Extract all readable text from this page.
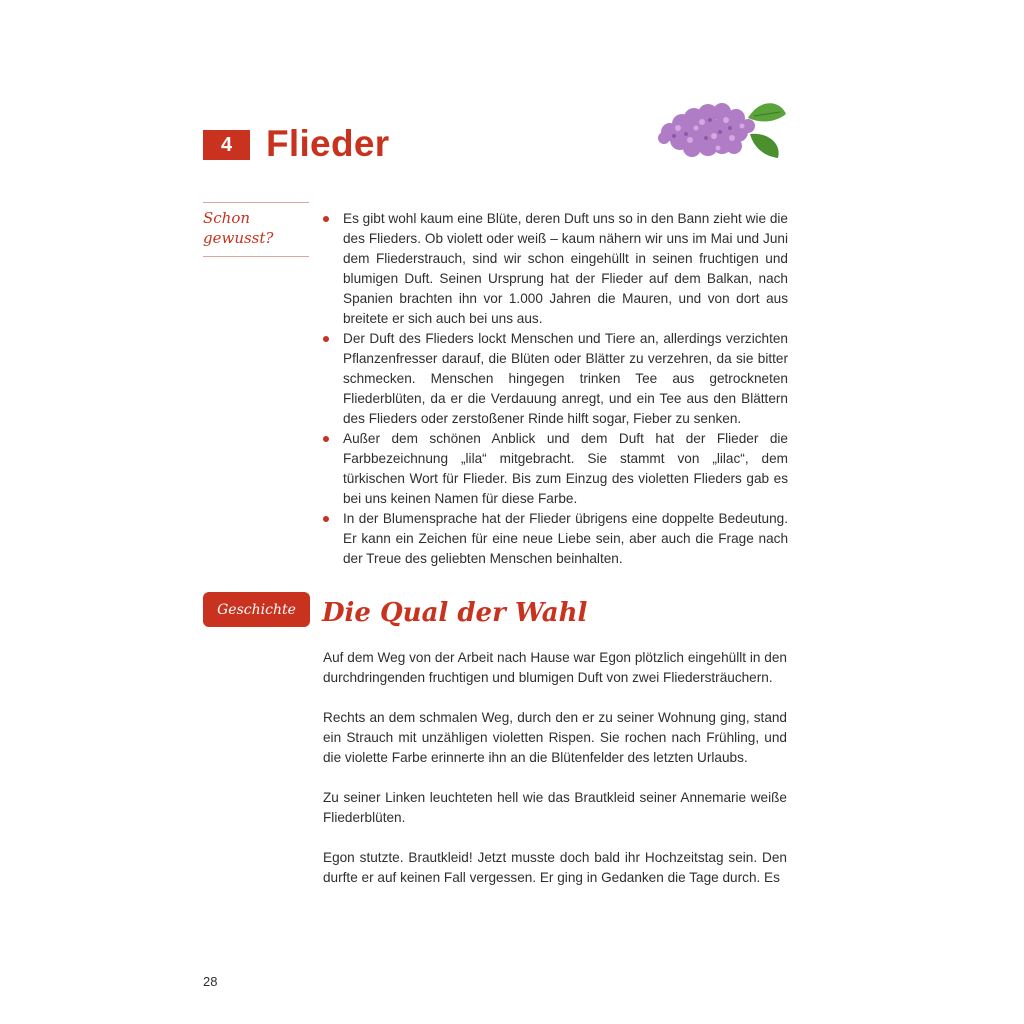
4 Flieder
Schon
gewusst?
Es gibt wohl kaum eine Blüte, deren Duft uns so in den Bann zieht wie die des Flieders. Ob violett oder weiß – kaum nähern wir uns im Mai und Juni dem Fliederstrauch, sind wir schon eingehüllt in seinen fruchtigen und blumigen Duft. Seinen Ursprung hat der Flieder auf dem Balkan, nach Spanien brachten ihn vor 1.000 Jahren die Mauren, und von dort aus breitete er sich auch bei uns aus.
Der Duft des Flieders lockt Menschen und Tiere an, allerdings verzichten Pflanzenfresser darauf, die Blüten oder Blätter zu verzehren, da sie bitter schmecken. Menschen hingegen trinken Tee aus getrockneten Fliederblüten, da er die Verdauung anregt, und ein Tee aus den Blättern des Flieders oder zerstoßener Rinde hilft sogar, Fieber zu senken.
Außer dem schönen Anblick und dem Duft hat der Flieder die Farbbezeichnung „lila“ mitgebracht. Sie stammt von „lilac“, dem türkischen Wort für Flieder. Bis zum Einzug des violetten Flieders gab es bei uns keinen Namen für diese Farbe.
In der Blumensprache hat der Flieder übrigens eine doppelte Bedeutung. Er kann ein Zeichen für eine neue Liebe sein, aber auch die Frage nach der Treue des geliebten Menschen beinhalten.
Geschichte	Die Qual der Wahl

Auf dem Weg von der Arbeit nach Hause war Egon plötzlich eingehüllt in den durchdringenden fruchtigen und blumigen Duft von zwei Fliedersträuchern.

Rechts an dem schmalen Weg, durch den er zu seiner Wohnung ging, stand ein Strauch mit unzähligen violetten Rispen. Sie rochen nach Frühling, und die violette Farbe erinnerte ihn an die Blütenfelder des letzten Urlaubs.

Zu seiner Linken leuchteten hell wie das Brautkleid seiner Annemarie weiße Fliederblüten.

Egon stutzte. Brautkleid! Jetzt musste doch bald ihr Hochzeitstag sein. Den durfte er auf keinen Fall vergessen. Er ging in Gedanken die Tage durch. Es

28
